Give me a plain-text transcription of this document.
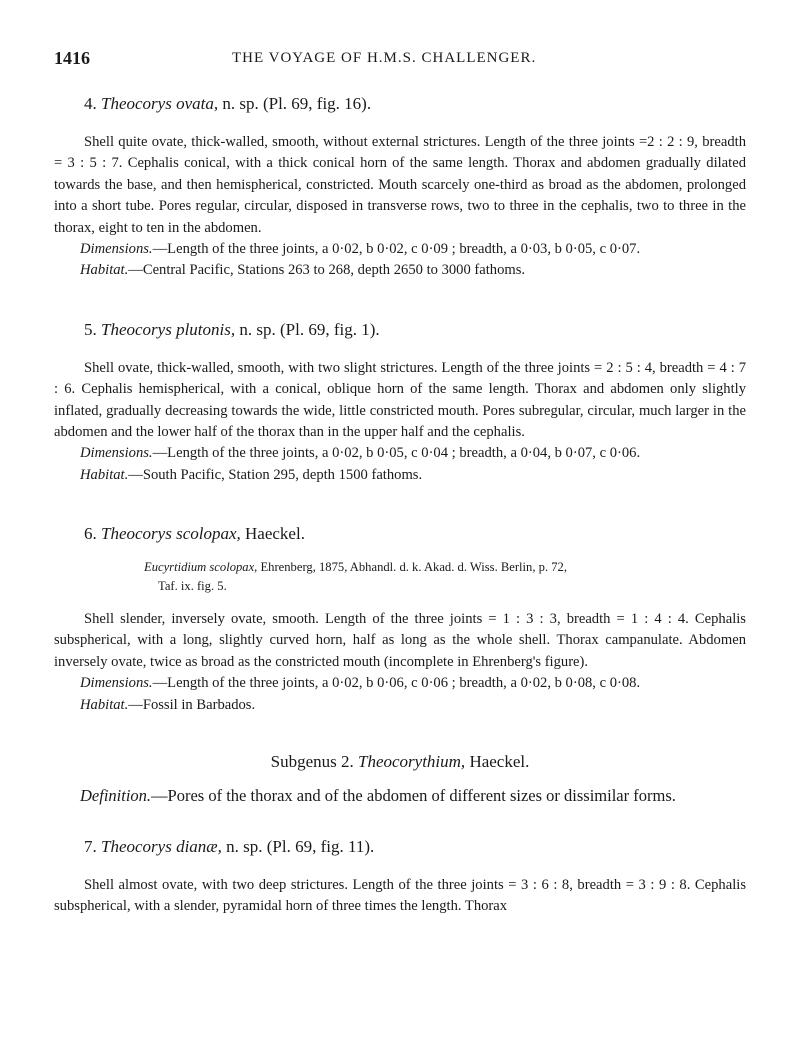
1416	THE VOYAGE OF H.M.S. CHALLENGER.

4. Theocorys ovata, n. sp. (Pl. 69, fig. 16).

Shell quite ovate, thick-walled, smooth, without external strictures. Length of the three joints =2 : 2 : 9, breadth = 3 : 5 : 7. Cephalis conical, with a thick conical horn of the same length. Thorax and abdomen gradually dilated towards the base, and then hemispherical, constricted. Mouth scarcely one-third as broad as the abdomen, prolonged into a short tube. Pores regular, circular, disposed in transverse rows, two to three in the cephalis, two to three in the thorax, eight to ten in the abdomen.

Dimensions.—Length of the three joints, a 0·02, b 0·02, c 0·09 ; breadth, a 0·03, b 0·05, c 0·07.

Habitat.—Central Pacific, Stations 263 to 268, depth 2650 to 3000 fathoms.

5. Theocorys plutonis, n. sp. (Pl. 69, fig. 1).

Shell ovate, thick-walled, smooth, with two slight strictures. Length of the three joints = 2 : 5 : 4, breadth = 4 : 7 : 6. Cephalis hemispherical, with a conical, oblique horn of the same length. Thorax and abdomen only slightly inflated, gradually decreasing towards the wide, little constricted mouth. Pores subregular, circular, much larger in the abdomen and the lower half of the thorax than in the upper half and the cephalis.

Dimensions.—Length of the three joints, a 0·02, b 0·05, c 0·04 ; breadth, a 0·04, b 0·07, c 0·06.

Habitat.—South Pacific, Station 295, depth 1500 fathoms.

6. Theocorys scolopax, Haeckel.

Eucyrtidium scolopax, Ehrenberg, 1875, Abhandl. d. k. Akad. d. Wiss. Berlin, p. 72,

Taf. ix. fig. 5.

Shell slender, inversely ovate, smooth. Length of the three joints = 1 : 3 : 3, breadth = 1 : 4 : 4. Cephalis subspherical, with a long, slightly curved horn, half as long as the whole shell. Thorax campanulate. Abdomen inversely ovate, twice as broad as the constricted mouth (incomplete in Ehrenberg's figure).

Dimensions.—Length of the three joints, a 0·02, b 0·06, c 0·06 ; breadth, a 0·02, b 0·08, c 0·08.

Habitat.—Fossil in Barbados.

Subgenus 2. Theocorythium, Haeckel.

Definition.—Pores of the thorax and of the abdomen of different sizes or dissimilar forms.

7. Theocorys dianæ, n. sp. (Pl. 69, fig. 11).

Shell almost ovate, with two deep strictures. Length of the three joints = 3 : 6 : 8, breadth = 3 : 9 : 8. Cephalis subspherical, with a slender, pyramidal horn of three times the length. Thorax
